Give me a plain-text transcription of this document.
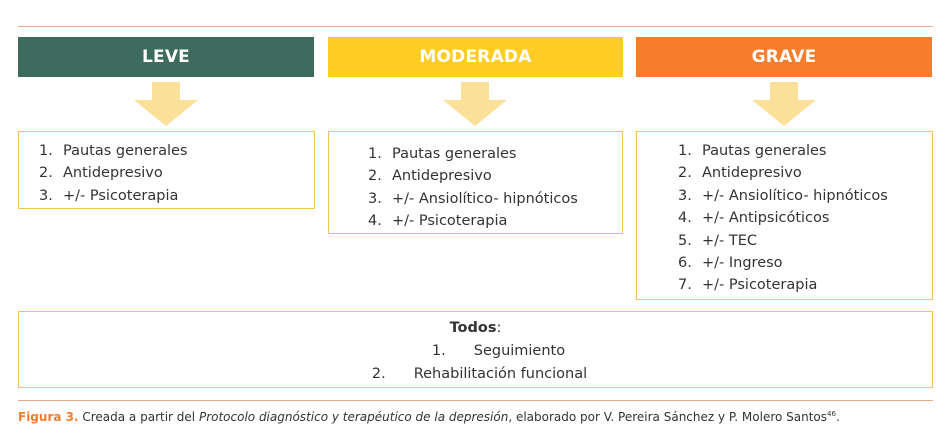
LEVE	MODERADA	GRAVE
1. Pautas generales
2. Antidepresivo
3. +/- Psicoterapia
1. Pautas generales
2. Antidepresivo
3. +/- Ansiolítico- hipnóticos
4. +/- Psicoterapia
1. Pautas generales
2. Antidepresivo
3. +/- Ansiolítico- hipnóticos
4. +/- Antipsicóticos
5. +/- TEC
6. +/- Ingreso
7. +/- Psicoterapia
Todos:
1. Seguimiento
2. Rehabilitación funcional
Figura 3. Creada a partir del Protocolo diagnóstico y terapéutico de la depresión, elaborado por V. Pereira Sánchez y P. Molero Santos$^{46}$.
